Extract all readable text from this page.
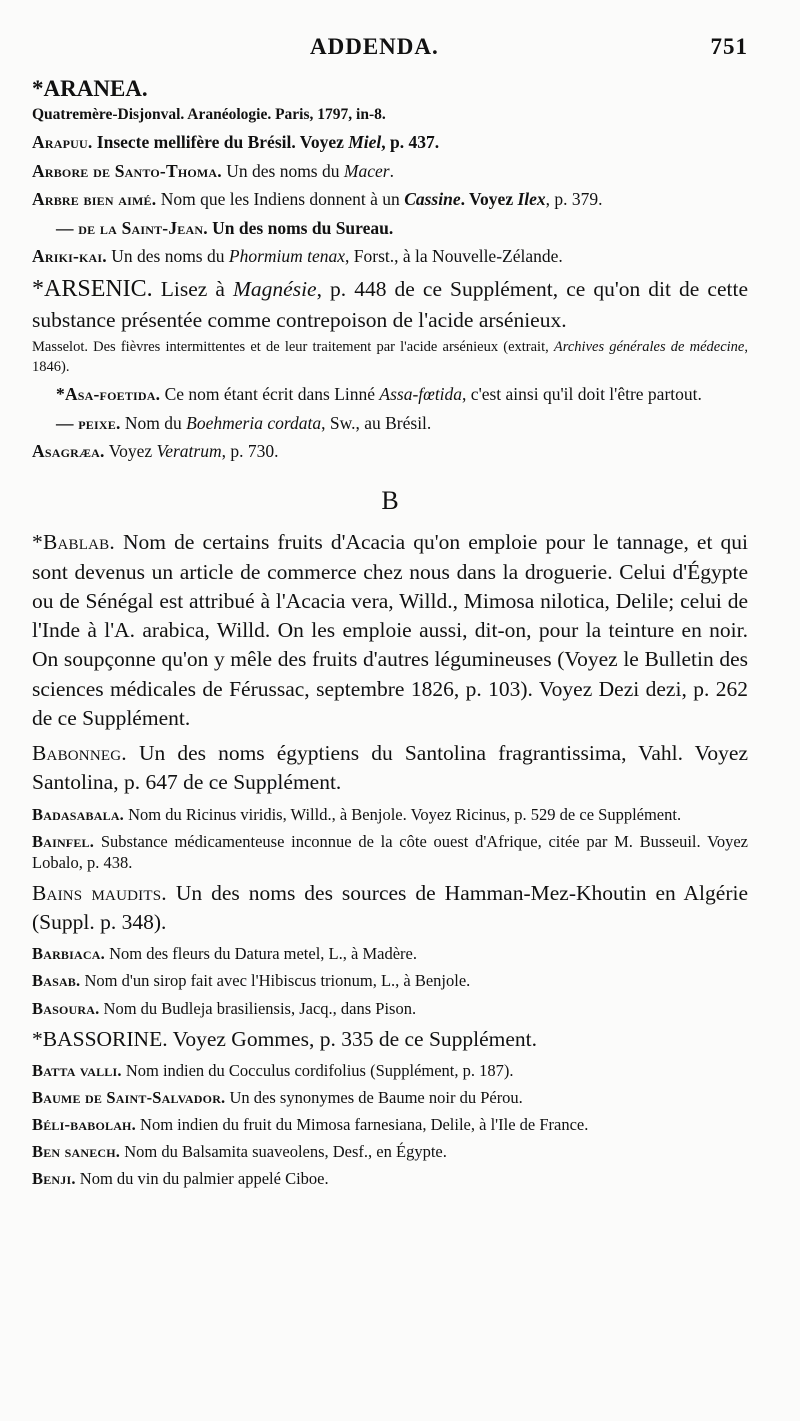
ADDENDA.	751

*ARANEA.

Quatremère-Disjonval. Aranéologie. Paris, 1797, in-8.

Arapuu. Insecte mellifère du Brésil. Voyez Miel, p. 437.

Arbore de Santo-Thoma. Un des noms du Macer.

Arbre bien aimé. Nom que les Indiens donnent à un Cassine. Voyez Ilex, p. 379.

— de la Saint-Jean. Un des noms du Sureau.

Ariki-kai. Un des noms du Phormium tenax, Forst., à la Nouvelle-Zélande.

*ARSENIC. Lisez à Magnésie, p. 448 de ce Supplément, ce qu'on dit de cette substance présentée comme contrepoison de l'acide arsénieux.

Masselot. Des fièvres intermittentes et de leur traitement par l'acide arsénieux (extrait, Archives générales de médecine, 1846).

*Asa-foetida. Ce nom étant écrit dans Linné Assa-fœtida, c'est ainsi qu'il doit l'être partout.

— peixe. Nom du Boehmeria cordata, Sw., au Brésil.

Asagræa. Voyez Veratrum, p. 730.

B

*Bablab. Nom de certains fruits d'Acacia qu'on emploie pour le tannage, et qui sont devenus un article de commerce chez nous dans la droguerie. Celui d'Égypte ou de Sénégal est attribué à l'Acacia vera, Willd., Mimosa nilotica, Delile; celui de l'Inde à l'A. arabica, Willd. On les emploie aussi, dit-on, pour la teinture en noir. On soupçonne qu'on y mêle des fruits d'autres légumineuses (Voyez le Bulletin des sciences médicales de Férussac, septembre 1826, p. 103). Voyez Dezi dezi, p. 262 de ce Supplément.

Babonneg. Un des noms égyptiens du Santolina fragrantissima, Vahl. Voyez Santolina, p. 647 de ce Supplément.

Badasabala. Nom du Ricinus viridis, Willd., à Benjole. Voyez Ricinus, p. 529 de ce Supplément.

Bainfel. Substance médicamenteuse inconnue de la côte ouest d'Afrique, citée par M. Busseuil. Voyez Lobalo, p. 438.

Bains maudits. Un des noms des sources de Hamman-Mez-Khoutin en Algérie (Suppl. p. 348).

Barbiaca. Nom des fleurs du Datura metel, L., à Madère.

Basab. Nom d'un sirop fait avec l'Hibiscus trionum, L., à Benjole.

Basoura. Nom du Budleja brasiliensis, Jacq., dans Pison.

*BASSORINE. Voyez Gommes, p. 335 de ce Supplément.

Batta valli. Nom indien du Cocculus cordifolius (Supplément, p. 187).

Baume de Saint-Salvador. Un des synonymes de Baume noir du Pérou.

Béli-babolah. Nom indien du fruit du Mimosa farnesiana, Delile, à l'Ile de France.

Ben sanech. Nom du Balsamita suaveolens, Desf., en Égypte.

Benji. Nom du vin du palmier appelé Ciboe.
